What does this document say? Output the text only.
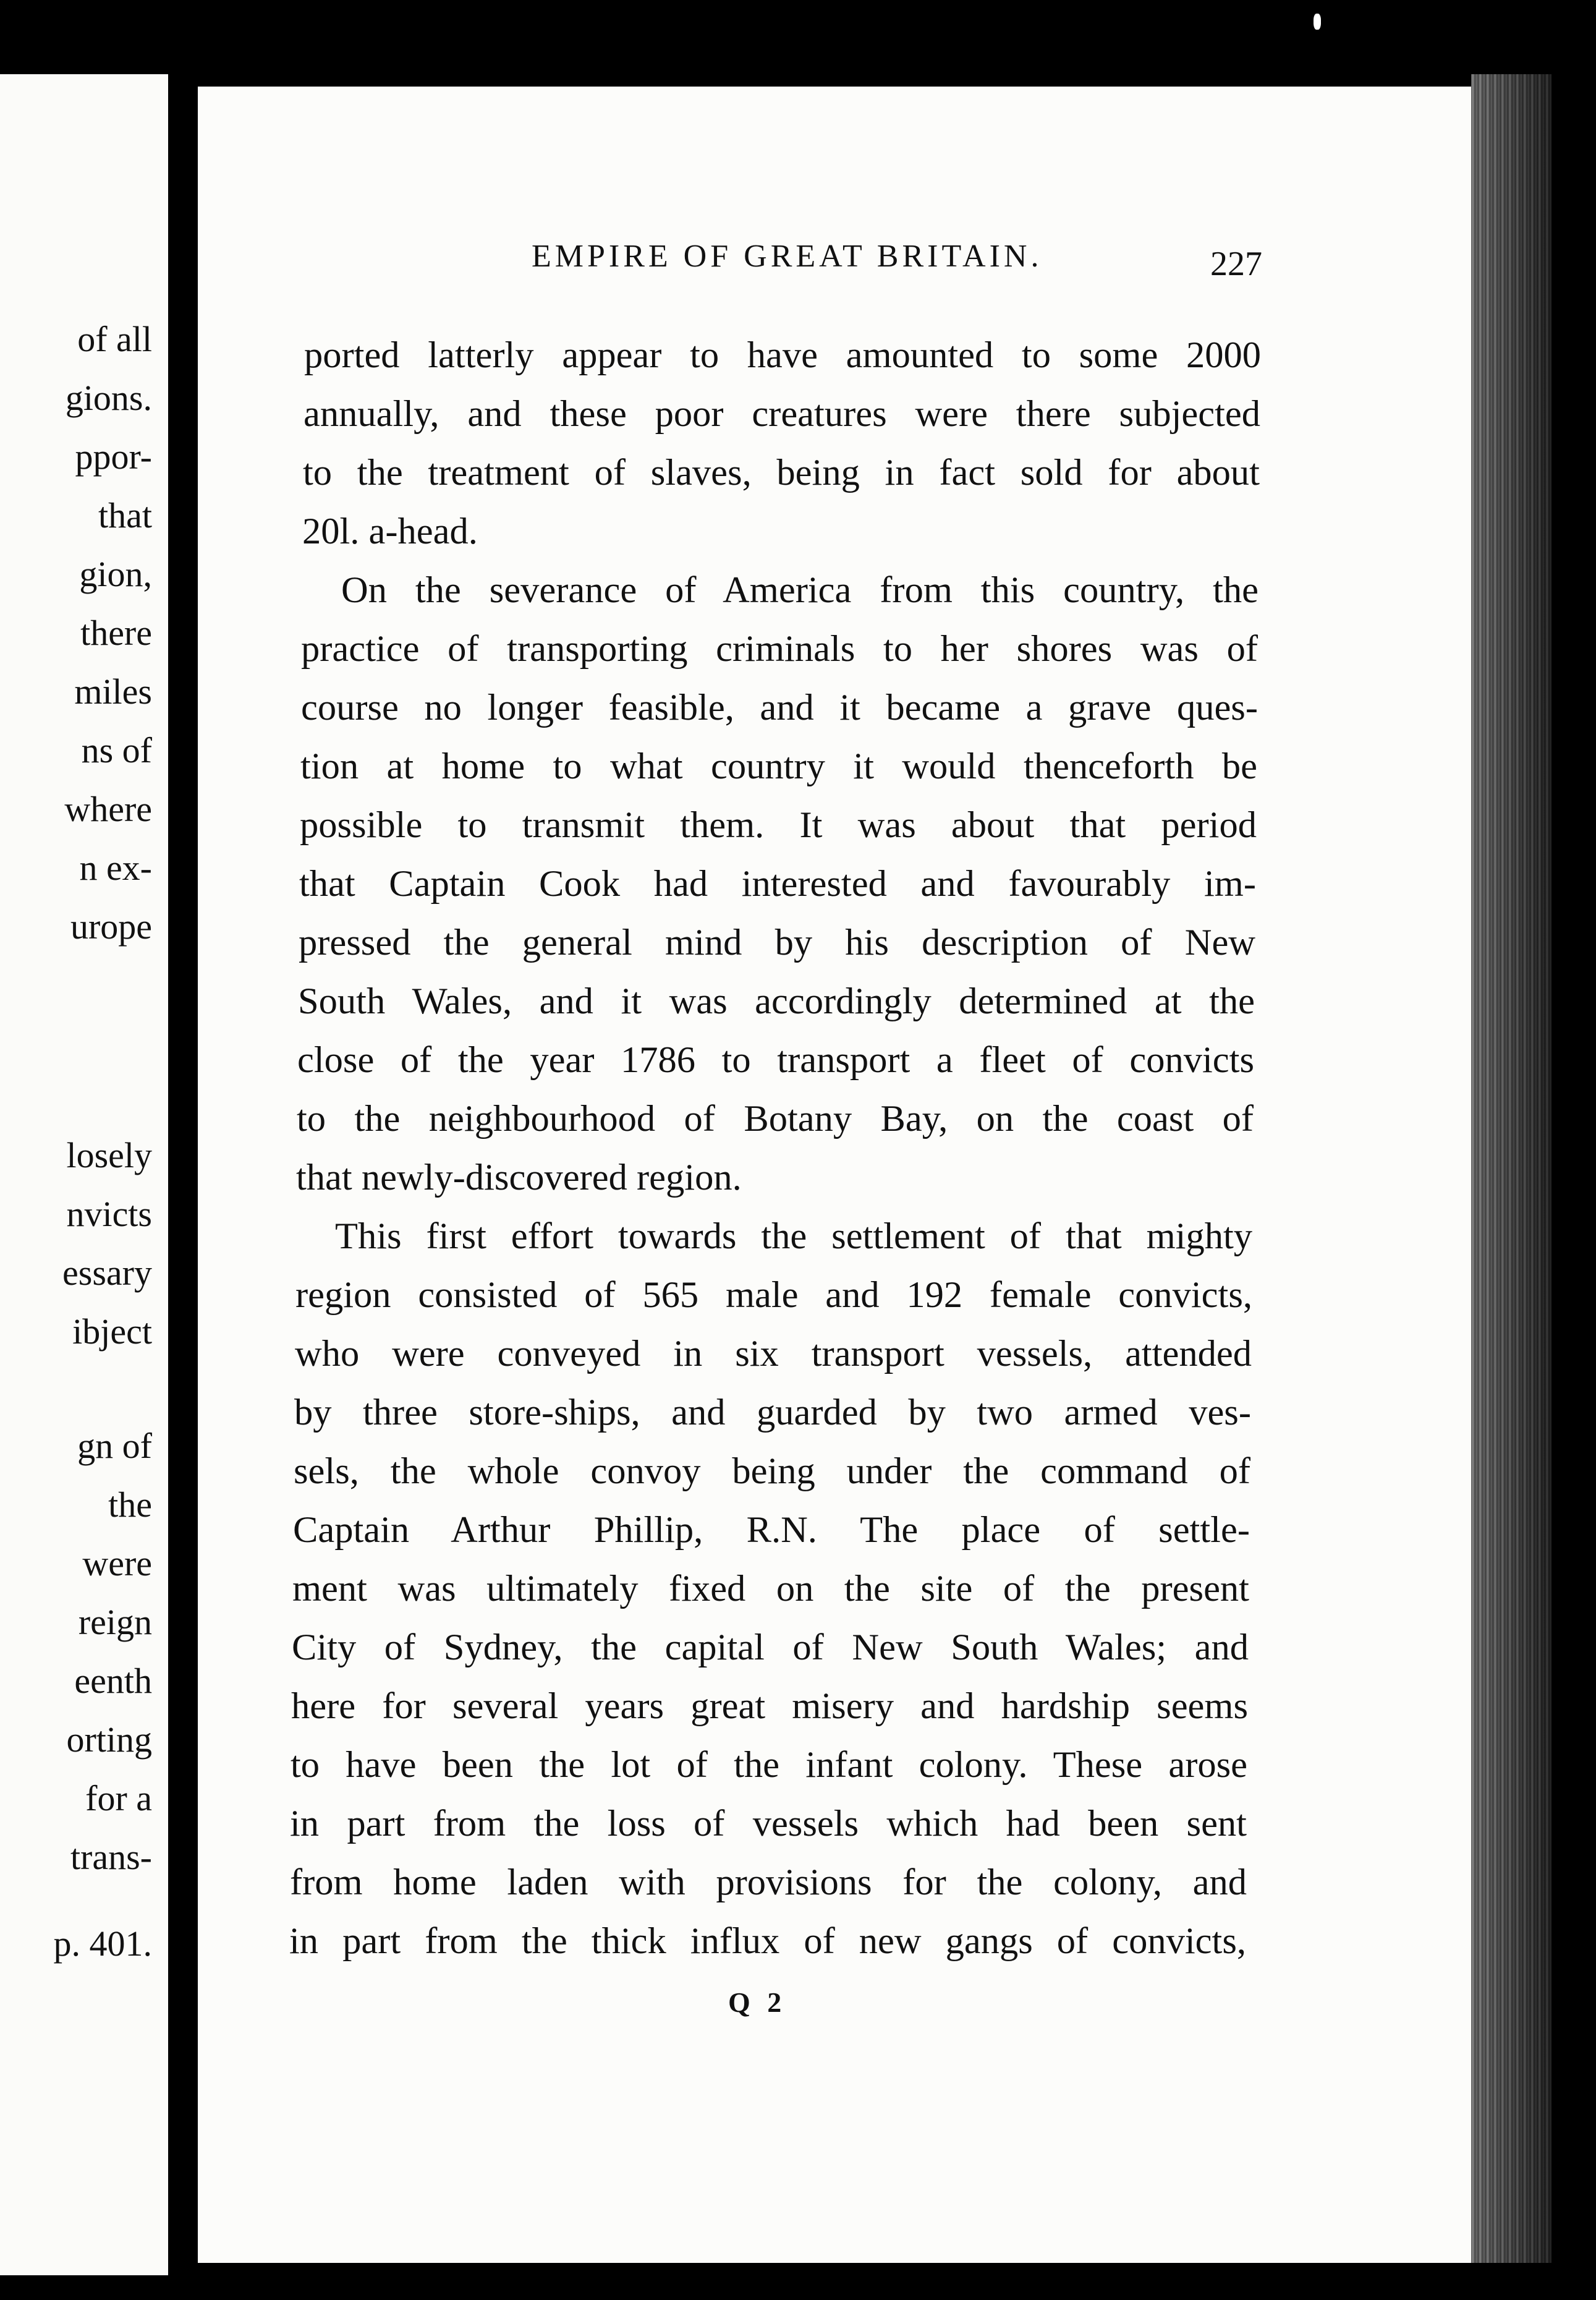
of all
gions.
ppor-
that
gion,
there
miles
ns of
where
n ex-
urope
losely
nvicts
essary
ibject
gn of
the
were
reign
eenth
orting
for a
trans-
p. 401.
EMPIRE OF GREAT BRITAIN.	227
ported latterly appear to have amounted to some 2000
annually, and these poor creatures were there subjected
to the treatment of slaves, being in fact sold for about
20l. a-head.
On the severance of America from this country, the
practice of transporting criminals to her shores was of
course no longer feasible, and it became a grave ques-
tion at home to what country it would thenceforth be
possible to transmit them. It was about that period
that Captain Cook had interested and favourably im-
pressed the general mind by his description of New
South Wales, and it was accordingly determined at the
close of the year 1786 to transport a fleet of convicts
to the neighbourhood of Botany Bay, on the coast of
that newly-discovered region.
This first effort towards the settlement of that mighty
region consisted of 565 male and 192 female convicts,
who were conveyed in six transport vessels, attended
by three store-ships, and guarded by two armed ves-
sels, the whole convoy being under the command of
Captain Arthur Phillip, R.N. The place of settle-
ment was ultimately fixed on the site of the present
City of Sydney, the capital of New South Wales; and
here for several years great misery and hardship seems
to have been the lot of the infant colony. These arose
in part from the loss of vessels which had been sent
from home laden with provisions for the colony, and
in part from the thick influx of new gangs of convicts,
Q 2
